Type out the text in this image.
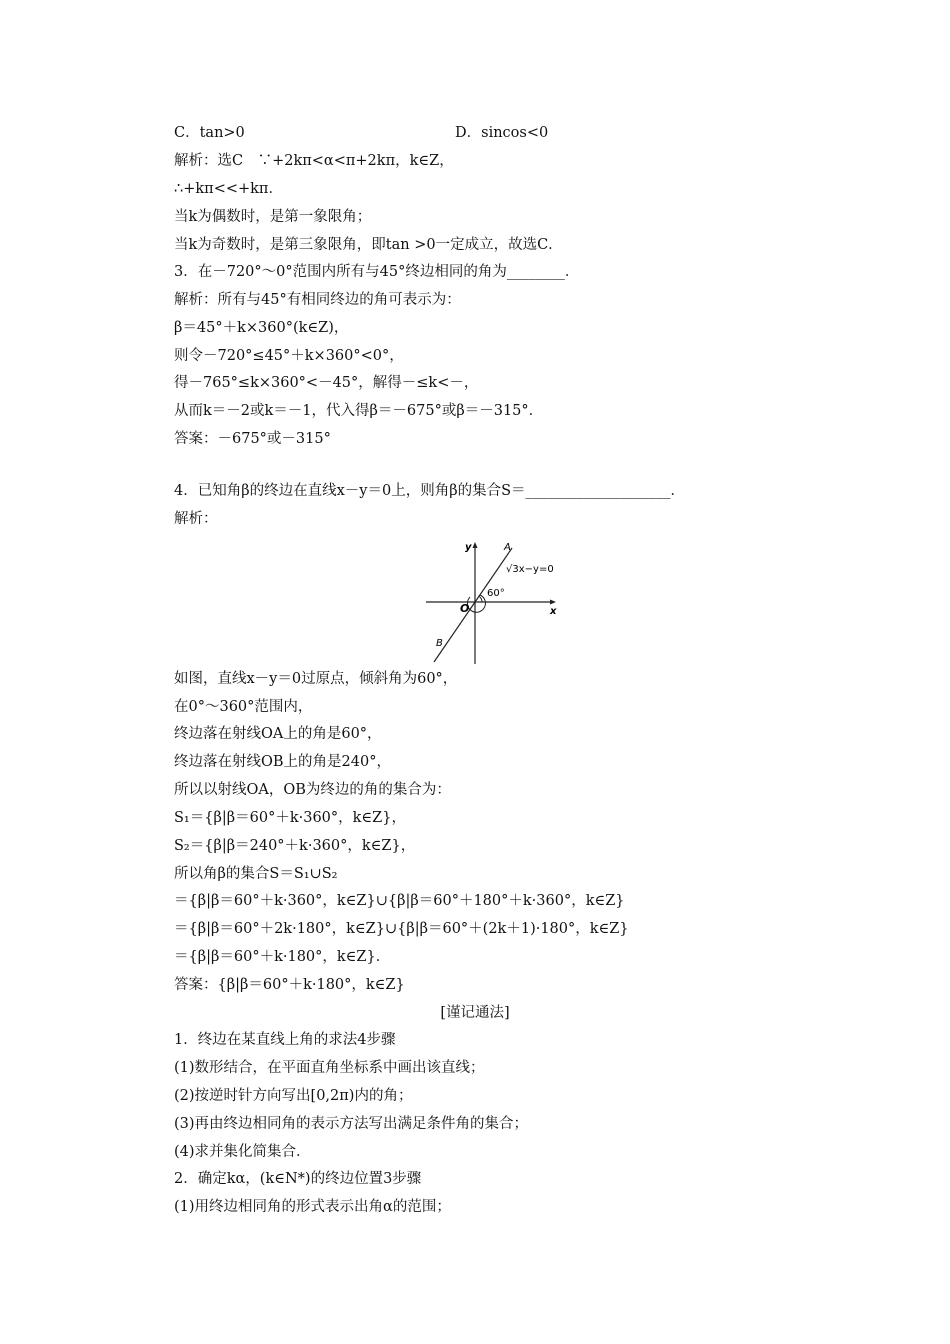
C．tan>0	D．sincos<0
解析：选C　∵+2kπ<α<π+2kπ，k∈Z，
∴+kπ<<+kπ．
当k为偶数时，是第一象限角；
当k为奇数时，是第三象限角，即tan >0一定成立，故选C．
3．在－720°～0°范围内所有与45°终边相同的角为________．
解析：所有与45°有相同终边的角可表示为：
β＝45°＋k×360°(k∈Z)，
则令－720°≤45°＋k×360°<0°，
得－765°≤k×360°<－45°，解得－≤k<－，
从而k＝－2或k＝－1，代入得β＝－675°或β＝－315°．
答案：－675°或－315°
4．已知角β的终边在直线x－y＝0上，则角β的集合S＝____________________．
解析：
y
x
A
B
O
√3x−y=0
60°
如图，直线x－y＝0过原点，倾斜角为60°，
在0°～360°范围内，
终边落在射线OA上的角是60°，
终边落在射线OB上的角是240°，
所以以射线OA，OB为终边的角的集合为：
S₁＝{β|β＝60°＋k·360°，k∈Z}，
S₂＝{β|β＝240°＋k·360°，k∈Z}，
所以角β的集合S＝S₁∪S₂
＝{β|β＝60°＋k·360°，k∈Z}∪{β|β＝60°＋180°＋k·360°，k∈Z}
＝{β|β＝60°＋2k·180°，k∈Z}∪{β|β＝60°＋(2k＋1)·180°，k∈Z}
＝{β|β＝60°＋k·180°，k∈Z}．
答案：{β|β＝60°＋k·180°，k∈Z}
[谨记通法]
1．终边在某直线上角的求法4步骤
(1)数形结合，在平面直角坐标系中画出该直线；
(2)按逆时针方向写出[0,2π)内的角；
(3)再由终边相同角的表示方法写出满足条件角的集合；
(4)求并集化简集合．
2．确定kα，(k∈N*)的终边位置3步骤
(1)用终边相同角的形式表示出角α的范围；
